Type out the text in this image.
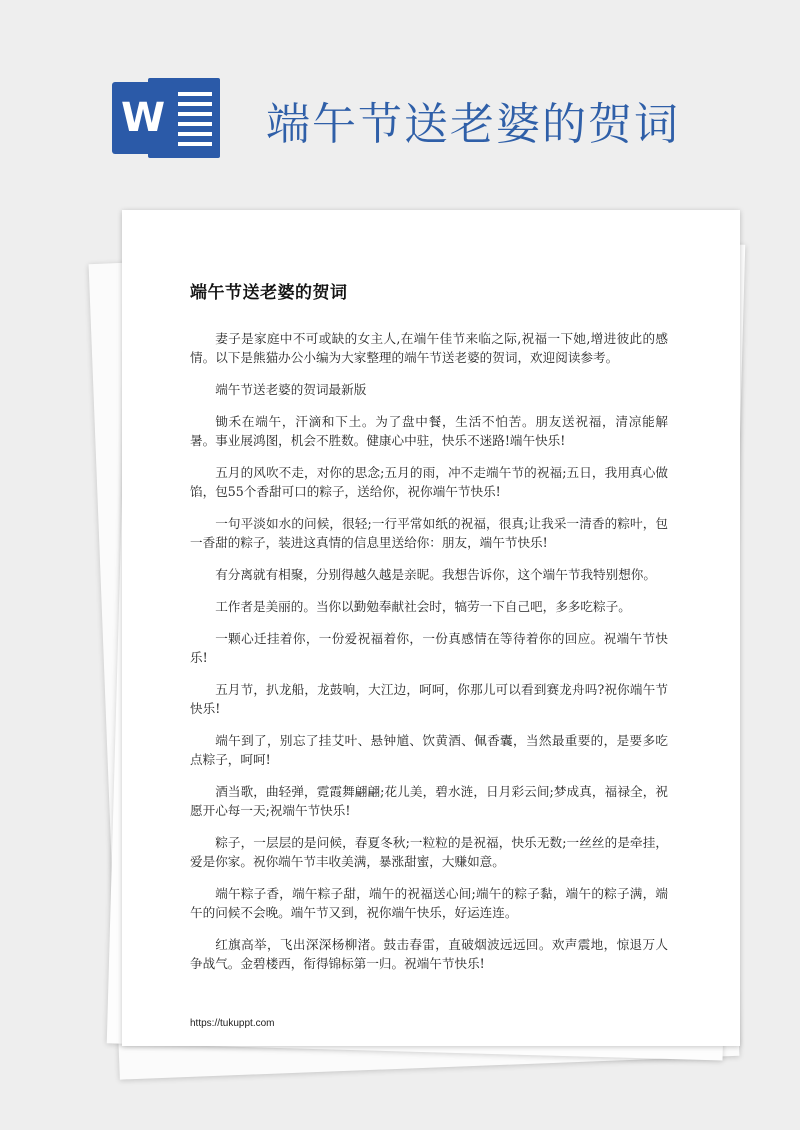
W 端午节送老婆的贺词
端午节送老婆的贺词

妻子是家庭中不可或缺的女主人,在端午佳节来临之际,祝福一下她,增进彼此的感情。以下是熊猫办公小编为大家整理的端午节送老婆的贺词，欢迎阅读参考。

端午节送老婆的贺词最新版

锄禾在端午，汗滴和下土。为了盘中餐，生活不怕苦。朋友送祝福，清凉能解暑。事业展鸿图，机会不胜数。健康心中驻，快乐不迷路!端午快乐!

五月的风吹不走，对你的思念;五月的雨，冲不走端午节的祝福;五日，我用真心做馅，包55个香甜可口的粽子，送给你，祝你端午节快乐!

一句平淡如水的问候，很轻;一行平常如纸的祝福，很真;让我采一清香的粽叶，包一香甜的粽子，装进这真情的信息里送给你：朋友，端午节快乐!

有分离就有相聚，分别得越久越是亲昵。我想告诉你，这个端午节我特别想你。

工作者是美丽的。当你以勤勉奉献社会时，犒劳一下自己吧，多多吃粽子。

一颗心迁挂着你，一份爱祝福着你，一份真感情在等待着你的回应。祝端午节快乐!

五月节，扒龙船，龙鼓响，大江边，呵呵，你那儿可以看到赛龙舟吗?祝你端午节快乐!

端午到了，别忘了挂艾叶、悬钟馗、饮黄酒、佩香囊，当然最重要的，是要多吃点粽子，呵呵!

酒当歌，曲轻弹，霓霞舞翩翩;花儿美，碧水涟，日月彩云间;梦成真，福禄全，祝愿开心每一天;祝端午节快乐!

粽子，一层层的是问候，春夏冬秋;一粒粒的是祝福，快乐无数;一丝丝的是牵挂，爱是你家。祝你端午节丰收美满，暴涨甜蜜，大赚如意。

端午粽子香，端午粽子甜，端午的祝福送心间;端午的粽子黏，端午的粽子满，端午的问候不会晚。端午节又到，祝你端午快乐，好运连连。

红旗高举，飞出深深杨柳渚。鼓击春雷，直破烟波远远回。欢声震地，惊退万人争战气。金碧楼西，衔得锦标第一归。祝端午节快乐!

https://tukuppt.com
